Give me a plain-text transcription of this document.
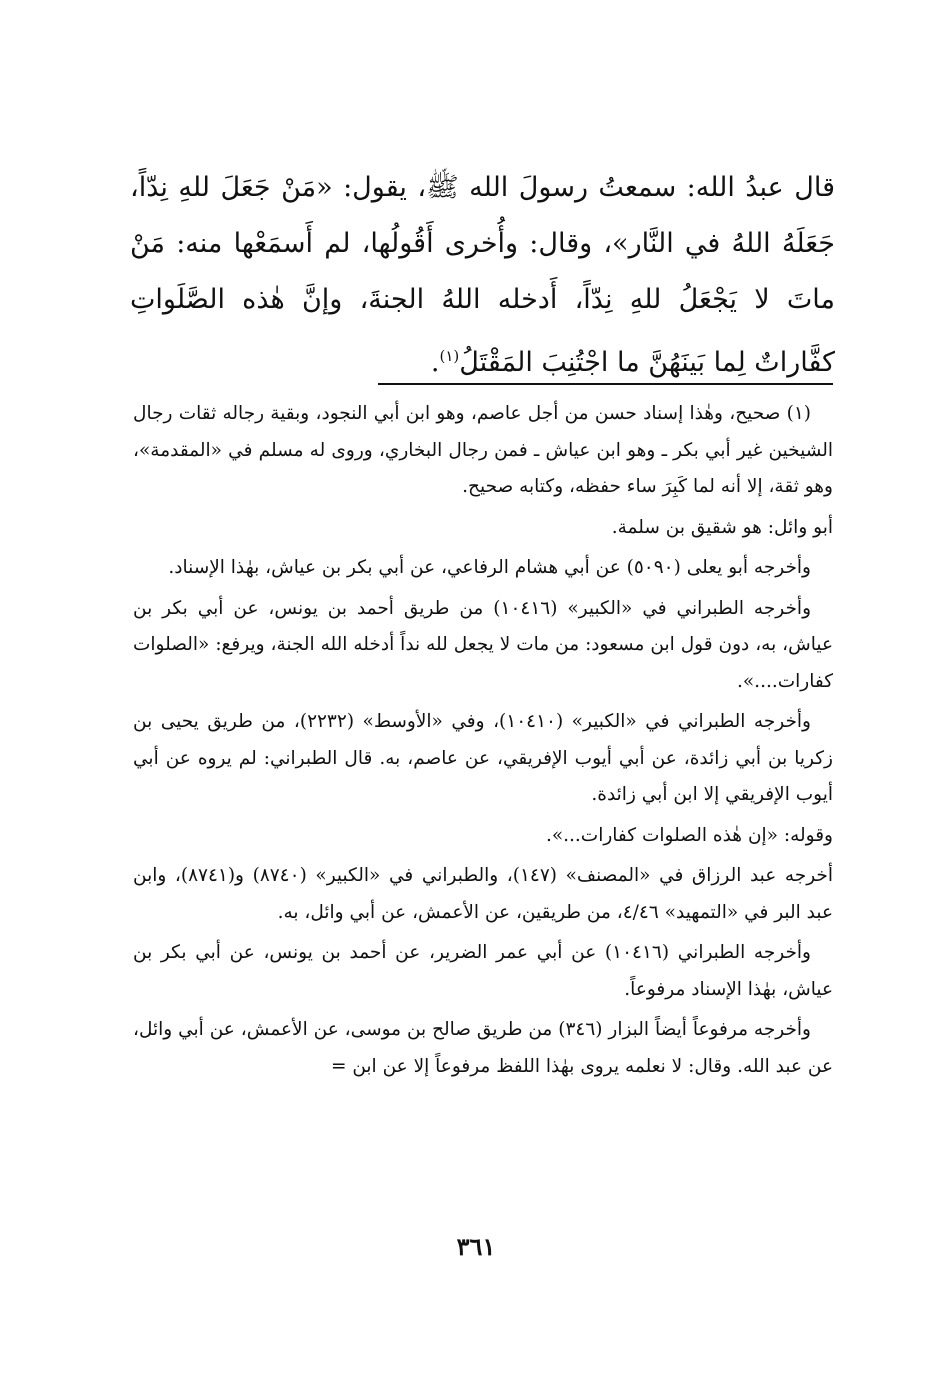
قال عبدُ الله: سمعتُ رسولَ الله ﷺ، يقول: «مَنْ جَعَلَ للهِ نِدّاً، جَعَلَهُ اللهُ في النَّار»، وقال: وأُخرى أَقُولُها، لم أَسمَعْها منه: مَنْ ماتَ لا يَجْعَلُ للهِ نِدّاً، أَدخله اللهُ الجنةَ، وإنَّ هٰذه الصَّلَواتِ كفَّاراتٌ لِما بَينَهُنَّ ما اجْتُنِبَ المَقْتَلُ$^{(١)}$.

(١) صحيح، وهٰذا إسناد حسن من أجل عاصم، وهو ابن أبي النجود، وبقية رجاله ثقات رجال الشيخين غير أبي بكر ـ وهو ابن عياش ـ فمن رجال البخاري، وروى له مسلم في «المقدمة»، وهو ثقة، إلا أنه لما كَبِرَ ساء حفظه، وكتابه صحيح.

أبو وائل: هو شقيق بن سلمة.

وأخرجه أبو يعلى (٥٠٩٠) عن أبي هشام الرفاعي، عن أبي بكر بن عياش، بهٰذا الإسناد.

وأخرجه الطبراني في «الكبير» (١٠٤١٦) من طريق أحمد بن يونس، عن أبي بكر بن عياش، به، دون قول ابن مسعود: من مات لا يجعل لله نداً أدخله الله الجنة، ويرفع: «الصلوات كفارات....».

وأخرجه الطبراني في «الكبير» (١٠٤١٠)، وفي «الأوسط» (٢٢٣٢)، من طريق يحيى بن زكريا بن أبي زائدة، عن أبي أيوب الإفريقي، عن عاصم، به. قال الطبراني: لم يروه عن أبي أيوب الإفريقي إلا ابن أبي زائدة.

وقوله: «إن هٰذه الصلوات كفارات...».

أخرجه عبد الرزاق في «المصنف» (١٤٧)، والطبراني في «الكبير» (٨٧٤٠) و(٨٧٤١)، وابن عبد البر في «التمهيد» ٤/٤٦، من طريقين، عن الأعمش، عن أبي وائل، به.

وأخرجه الطبراني (١٠٤١٦) عن أبي عمر الضرير، عن أحمد بن يونس، عن أبي بكر بن عياش، بهٰذا الإسناد مرفوعاً.

وأخرجه مرفوعاً أيضاً البزار (٣٤٦) من طريق صالح بن موسى، عن الأعمش، عن أبي وائل، عن عبد الله. وقال: لا نعلمه يروى بهٰذا اللفظ مرفوعاً إلا عن ابن =

٣٦١
